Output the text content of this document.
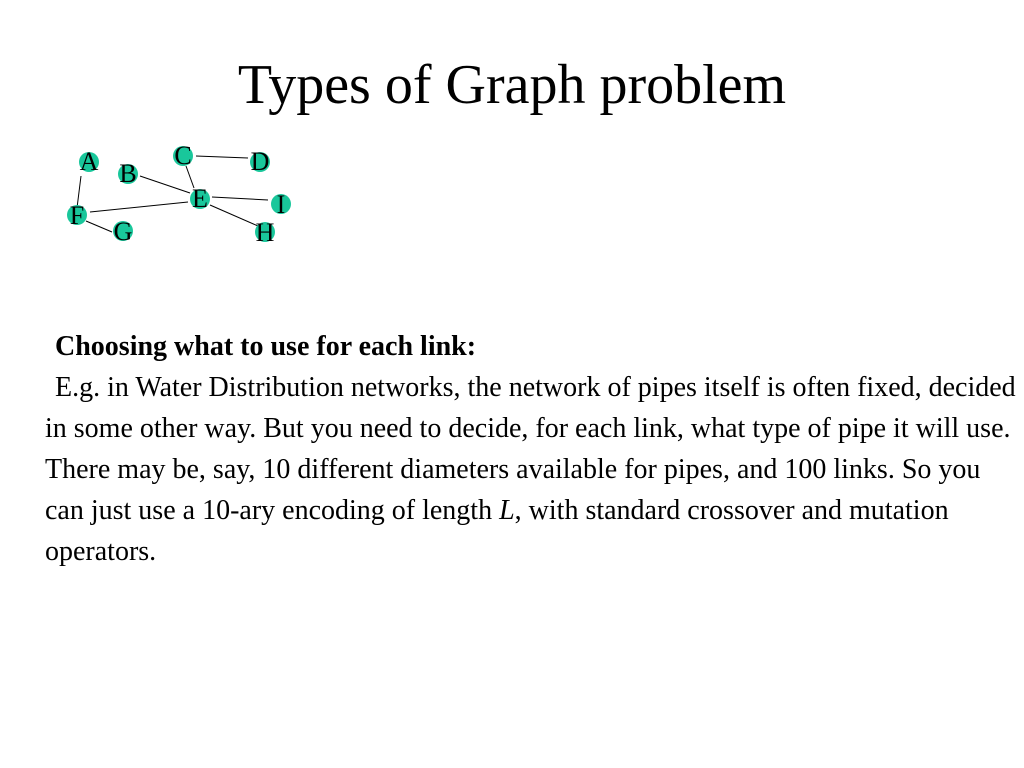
Types of Graph problem
A B
C D
E
F
G	H
I

Choosing what to use for each link:

E.g. in Water Distribution networks, the network of pipes itself is often fixed, decided in some other way. But you need to decide, for each link, what type of pipe it will use. There may be, say, 10 different diameters available for pipes, and 100 links. So you can just use a 10-ary encoding of length L, with standard crossover and mutation operators.
